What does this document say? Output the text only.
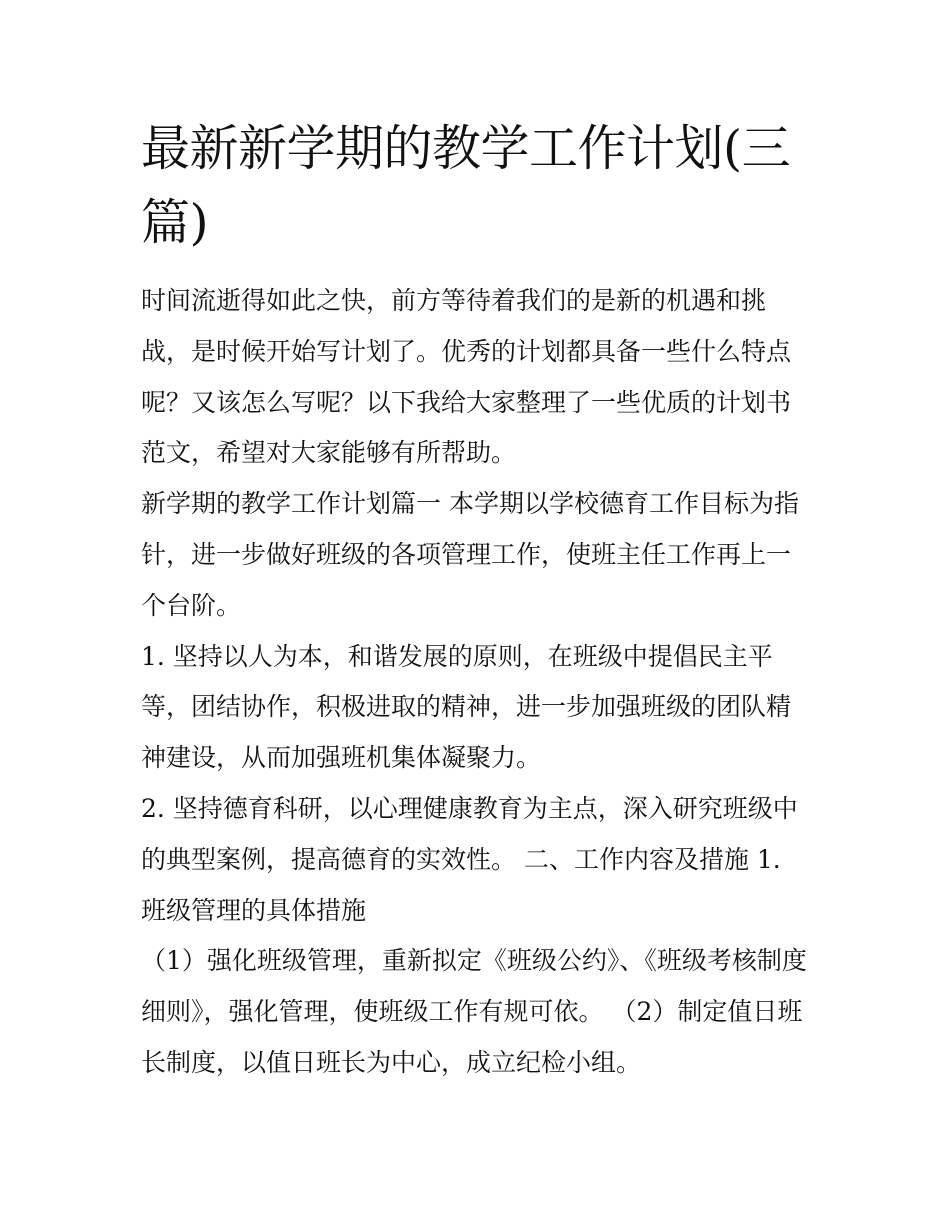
最新新学期的教学工作计划(三篇)

时间流逝得如此之快，前方等待着我们的是新的机遇和挑战，是时候开始写计划了。优秀的计划都具备一些什么特点呢？又该怎么写呢？以下我给大家整理了一些优质的计划书范文，希望对大家能够有所帮助。

新学期的教学工作计划篇一 本学期以学校德育工作目标为指针，进一步做好班级的各项管理工作，使班主任工作再上一个台阶。

1. 坚持以人为本，和谐发展的原则，在班级中提倡民主平等，团结协作，积极进取的精神，进一步加强班级的团队精神建设，从而加强班机集体凝聚力。

2. 坚持德育科研，以心理健康教育为主点，深入研究班级中的典型案例，提高德育的实效性。 二、工作内容及措施 1. 班级管理的具体措施

（1）强化班级管理，重新拟定《班级公约》、《班级考核制度细则》，强化管理，使班级工作有规可依。 （2）制定值日班长制度，以值日班长为中心，成立纪检小组。
